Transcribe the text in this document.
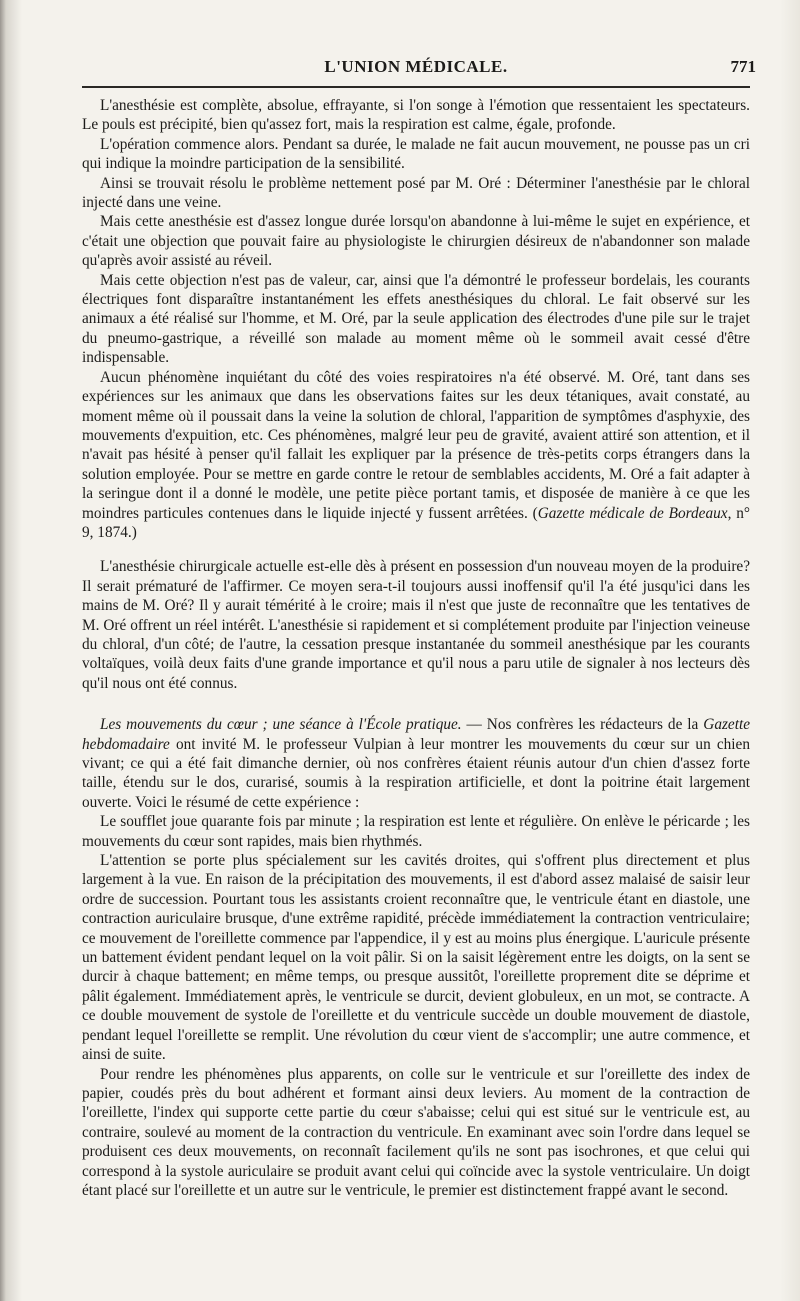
L'UNION MÉDICALE.	771

L'anesthésie est complète, absolue, effrayante, si l'on songe à l'émotion que ressentaient les spectateurs. Le pouls est précipité, bien qu'assez fort, mais la respiration est calme, égale, profonde.

L'opération commence alors. Pendant sa durée, le malade ne fait aucun mouvement, ne pousse pas un cri qui indique la moindre participation de la sensibilité.

Ainsi se trouvait résolu le problème nettement posé par M. Oré : Déterminer l'anesthésie par le chloral injecté dans une veine.

Mais cette anesthésie est d'assez longue durée lorsqu'on abandonne à lui-même le sujet en expérience, et c'était une objection que pouvait faire au physiologiste le chirurgien désireux de n'abandonner son malade qu'après avoir assisté au réveil.

Mais cette objection n'est pas de valeur, car, ainsi que l'a démontré le professeur bordelais, les courants électriques font disparaître instantanément les effets anesthésiques du chloral. Le fait observé sur les animaux a été réalisé sur l'homme, et M. Oré, par la seule application des électrodes d'une pile sur le trajet du pneumo-gastrique, a réveillé son malade au moment même où le sommeil avait cessé d'être indispensable.

Aucun phénomène inquiétant du côté des voies respiratoires n'a été observé. M. Oré, tant dans ses expériences sur les animaux que dans les observations faites sur les deux tétaniques, avait constaté, au moment même où il poussait dans la veine la solution de chloral, l'apparition de symptômes d'asphyxie, des mouvements d'expuition, etc. Ces phénomènes, malgré leur peu de gravité, avaient attiré son attention, et il n'avait pas hésité à penser qu'il fallait les expliquer par la présence de très-petits corps étrangers dans la solution employée. Pour se mettre en garde contre le retour de semblables accidents, M. Oré a fait adapter à la seringue dont il a donné le modèle, une petite pièce portant tamis, et disposée de manière à ce que les moindres particules contenues dans le liquide injecté y fussent arrêtées. (Gazette médicale de Bordeaux, n° 9, 1874.)

L'anesthésie chirurgicale actuelle est-elle dès à présent en possession d'un nouveau moyen de la produire? Il serait prématuré de l'affirmer. Ce moyen sera-t-il toujours aussi inoffensif qu'il l'a été jusqu'ici dans les mains de M. Oré? Il y aurait témérité à le croire; mais il n'est que juste de reconnaître que les tentatives de M. Oré offrent un réel intérêt. L'anesthésie si rapidement et si complétement produite par l'injection veineuse du chloral, d'un côté; de l'autre, la cessation presque instantanée du sommeil anesthésique par les courants voltaïques, voilà deux faits d'une grande importance et qu'il nous a paru utile de signaler à nos lecteurs dès qu'il nous ont été connus.

Les mouvements du cœur ; une séance à l'École pratique. — Nos confrères les rédacteurs de la Gazette hebdomadaire ont invité M. le professeur Vulpian à leur montrer les mouvements du cœur sur un chien vivant; ce qui a été fait dimanche dernier, où nos confrères étaient réunis autour d'un chien d'assez forte taille, étendu sur le dos, curarisé, soumis à la respiration artificielle, et dont la poitrine était largement ouverte. Voici le résumé de cette expérience :

Le soufflet joue quarante fois par minute ; la respiration est lente et régulière. On enlève le péricarde ; les mouvements du cœur sont rapides, mais bien rhythmés.

L'attention se porte plus spécialement sur les cavités droites, qui s'offrent plus directement et plus largement à la vue. En raison de la précipitation des mouvements, il est d'abord assez malaisé de saisir leur ordre de succession. Pourtant tous les assistants croient reconnaître que, le ventricule étant en diastole, une contraction auriculaire brusque, d'une extrême rapidité, précède immédiatement la contraction ventriculaire; ce mouvement de l'oreillette commence par l'appendice, il y est au moins plus énergique. L'auricule présente un battement évident pendant lequel on la voit pâlir. Si on la saisit légèrement entre les doigts, on la sent se durcir à chaque battement; en même temps, ou presque aussitôt, l'oreillette proprement dite se déprime et pâlit également. Immédiatement après, le ventricule se durcit, devient globuleux, en un mot, se contracte. A ce double mouvement de systole de l'oreillette et du ventricule succède un double mouvement de diastole, pendant lequel l'oreillette se remplit. Une révolution du cœur vient de s'accomplir; une autre commence, et ainsi de suite.

Pour rendre les phénomènes plus apparents, on colle sur le ventricule et sur l'oreillette des index de papier, coudés près du bout adhérent et formant ainsi deux leviers. Au moment de la contraction de l'oreillette, l'index qui supporte cette partie du cœur s'abaisse; celui qui est situé sur le ventricule est, au contraire, soulevé au moment de la contraction du ventricule. En examinant avec soin l'ordre dans lequel se produisent ces deux mouvements, on reconnaît facilement qu'ils ne sont pas isochrones, et que celui qui correspond à la systole auriculaire se produit avant celui qui coïncide avec la systole ventriculaire. Un doigt étant placé sur l'oreillette et un autre sur le ventricule, le premier est distinctement frappé avant le second.
